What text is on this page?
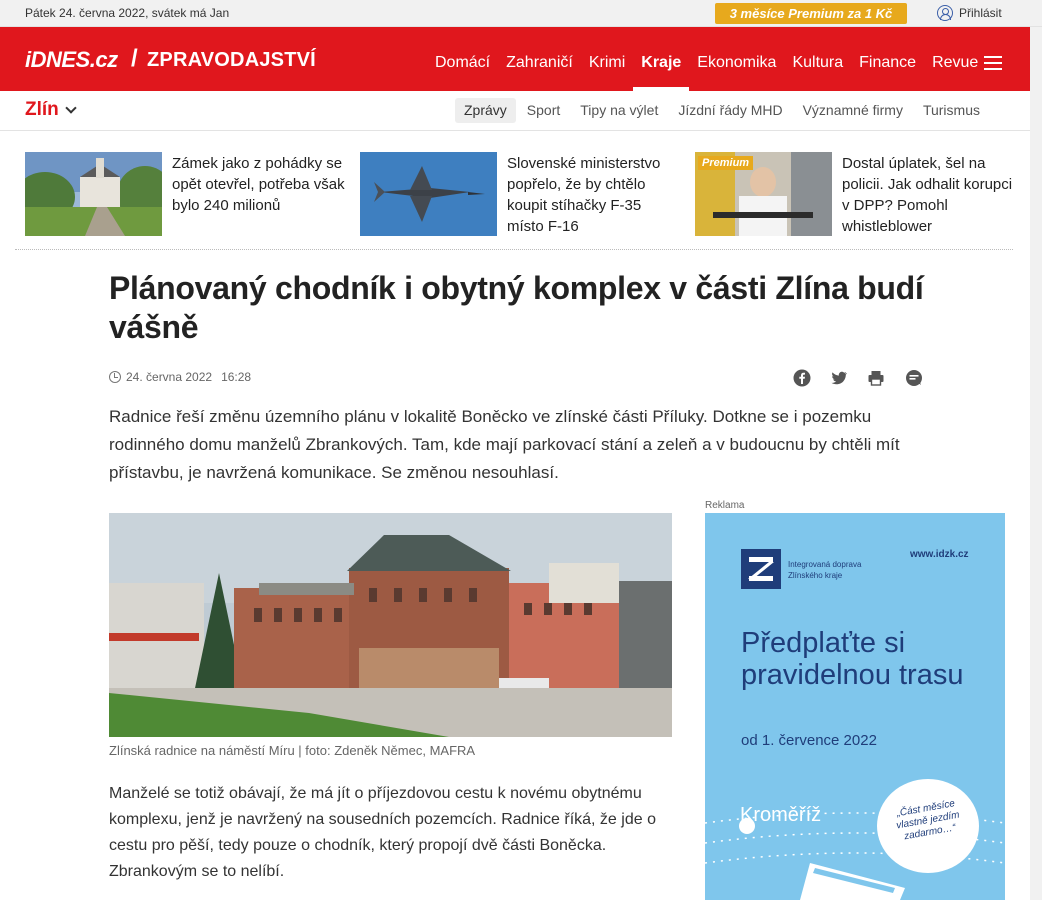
Pátek 24. června 2022, svátek má Jan	3 měsíce Premium za 1 Kč	Přihlásit
iDNES.cz / ZPRAVODAJSTVÍ	Domácí	Zahraničí	Krimi	Kraje	Ekonomika	Kultura	Finance	Revue
Zlín	Zprávy	Sport	Tipy na výlet	Jízdní řády MHD	Významné firmy	Turismus
Zámek jako z pohádky se opět otevřel, potřeba však bylo 240 milionů
Slovenské ministerstvo popřelo, že by chtělo koupit stíhačky F-35 místo F-16
Premium	Dostal úplatek, šel na policii. Jak odhalit korupci v DPP? Pomohl whistleblower
Plánovaný chodník i obytný komplex v části Zlína budí vášně
24. června 2022 16:28

Radnice řeší změnu územního plánu v lokalitě Boněcko ve zlínské části Příluky. Dotkne se i pozemku rodinného domu manželů Zbrankových. Tam, kde mají parkovací stání a zeleň a v budoucnu by chtěli mít přístavbu, je navržená komunikace. Se změnou nesouhlasí.

Zlínská radnice na náměstí Míru | foto: Zdeněk Němec, MAFRA

Manželé se totiž obávají, že má jít o příjezdovou cestu k novému obytnému komplexu, jenž je navržený na sousedních pozemcích. Radnice říká, že jde o cestu pro pěší, tedy pouze o chodník, který propojí dvě části Boněcka. Zbrankovým se to nelíbí.

Reklama
Integrovaná doprava Zlínského kraje
www.idzk.cz
Předplaťte si pravidelnou trasu
od 1. července 2022
Kroměříž	„Část měsíce vlastně jezdím zadarmo…“
